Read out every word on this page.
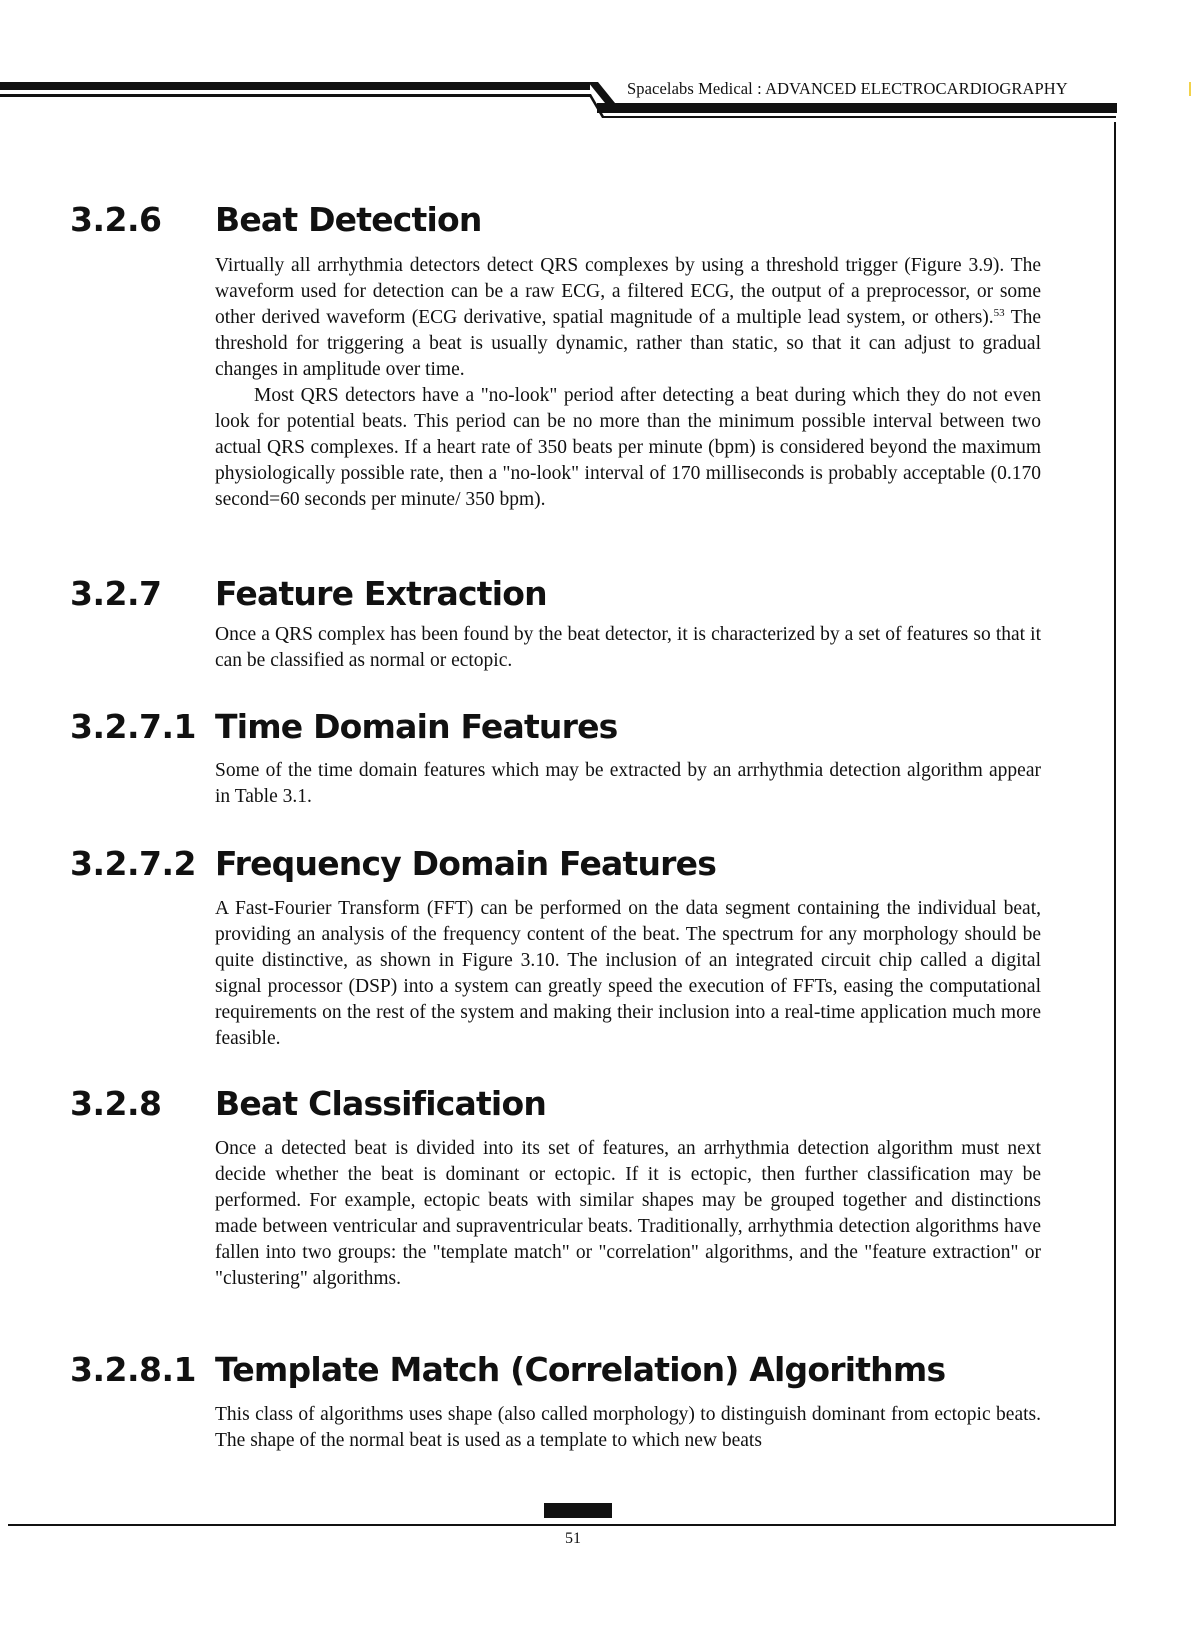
Spacelabs Medical : ADVANCED ELECTROCARDIOGRAPHY
3.2.6 Beat Detection

Virtually all arrhythmia detectors detect QRS complexes by using a threshold trigger (Figure 3.9). The waveform used for detection can be a raw ECG, a filtered ECG, the output of a preprocessor, or some other derived waveform (ECG derivative, spatial magnitude of a multiple lead system, or others).$^{53}$ The threshold for triggering a beat is usually dynamic, rather than static, so that it can adjust to gradual changes in amplitude over time.

Most QRS detectors have a "no-look" period after detecting a beat during which they do not even look for potential beats. This period can be no more than the minimum possible interval between two actual QRS complexes. If a heart rate of 350 beats per minute (bpm) is considered beyond the maximum physiologically possible rate, then a "no-look" interval of 170 milliseconds is probably acceptable (0.170 second=60 seconds per minute/ 350 bpm).

3.2.7 Feature Extraction

Once a QRS complex has been found by the beat detector, it is characterized by a set of features so that it can be classified as normal or ectopic.

3.2.7.1 Time Domain Features

Some of the time domain features which may be extracted by an arrhythmia detection algorithm appear in Table 3.1.

3.2.7.2 Frequency Domain Features

A Fast-Fourier Transform (FFT) can be performed on the data segment containing the individual beat, providing an analysis of the frequency content of the beat. The spectrum for any morphology should be quite distinctive, as shown in Figure 3.10. The inclusion of an integrated circuit chip called a digital signal processor (DSP) into a system can greatly speed the execution of FFTs, easing the computational requirements on the rest of the system and making their inclusion into a real-time application much more feasible.

3.2.8 Beat Classification

Once a detected beat is divided into its set of features, an arrhythmia detection algorithm must next decide whether the beat is dominant or ectopic. If it is ectopic, then further classification may be performed. For example, ectopic beats with similar shapes may be grouped together and distinctions made between ventricular and supraventricular beats. Traditionally, arrhythmia detection algorithms have fallen into two groups: the "template match" or "correlation" algorithms, and the "feature extraction" or "clustering" algorithms.

3.2.8.1 Template Match (Correlation) Algorithms

This class of algorithms uses shape (also called morphology) to distinguish dominant from ectopic beats. The shape of the normal beat is used as a template to which new beats

51
